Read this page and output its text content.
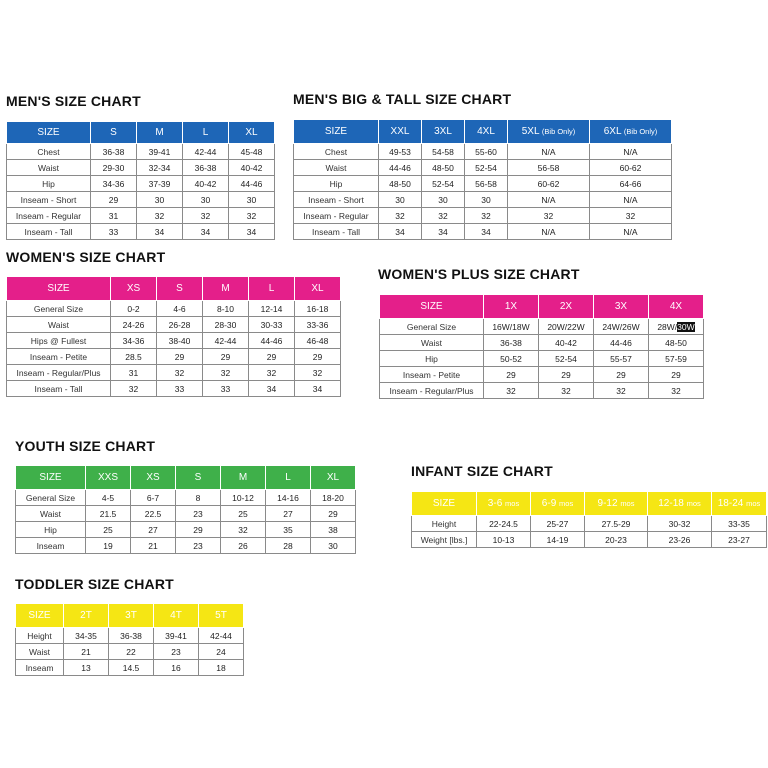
MEN'S SIZE CHART
SIZE	S	M	L	XL
Chest	36-38	39-41	42-44	45-48
Waist	29-30	32-34	36-38	40-42
Hip	34-36	37-39	40-42	44-46
Inseam - Short	29	30	30	30
Inseam - Regular	31	32	32	32
Inseam - Tall	33	34	34	34
MEN'S BIG & TALL SIZE CHART
SIZE	XXL	3XL	4XL	5XL (Bib Only)	6XL (Bib Only)
Chest	49-53	54-58	55-60	N/A	N/A
Waist	44-46	48-50	52-54	56-58	60-62
Hip	48-50	52-54	56-58	60-62	64-66
Inseam - Short	30	30	30	N/A	N/A
Inseam - Regular	32	32	32	32	32
Inseam - Tall	34	34	34	N/A	N/A
WOMEN'S SIZE CHART
SIZE	XS	S	M	L	XL
General Size	0-2	4-6	8-10	12-14	16-18
Waist	24-26	26-28	28-30	30-33	33-36
Hips @ Fullest	34-36	38-40	42-44	44-46	46-48
Inseam - Petite	28.5	29	29	29	29
Inseam - Regular/Plus	31	32	32	32	32
Inseam - Tall	32	33	33	34	34
WOMEN'S PLUS SIZE CHART
SIZE	1X	2X	3X	4X
General Size	16W/18W	20W/22W	24W/26W	28W/30W
Waist	36-38	40-42	44-46	48-50
Hip	50-52	52-54	55-57	57-59
Inseam - Petite	29	29	29	29
Inseam - Regular/Plus	32	32	32	32
YOUTH SIZE CHART
SIZE	XXS	XS	S	M	L	XL
General Size	4-5	6-7	8	10-12	14-16	18-20
Waist	21.5	22.5	23	25	27	29
Hip	25	27	29	32	35	38
Inseam	19	21	23	26	28	30
INFANT SIZE CHART
SIZE	3-6 mos	6-9 mos	9-12 mos	12-18 mos	18-24 mos
Height	22-24.5	25-27	27.5-29	30-32	33-35
Weight [lbs.]	10-13	14-19	20-23	23-26	23-27
TODDLER SIZE CHART
SIZE	2T	3T	4T	5T
Height	34-35	36-38	39-41	42-44
Waist	21	22	23	24
Inseam	13	14.5	16	18
